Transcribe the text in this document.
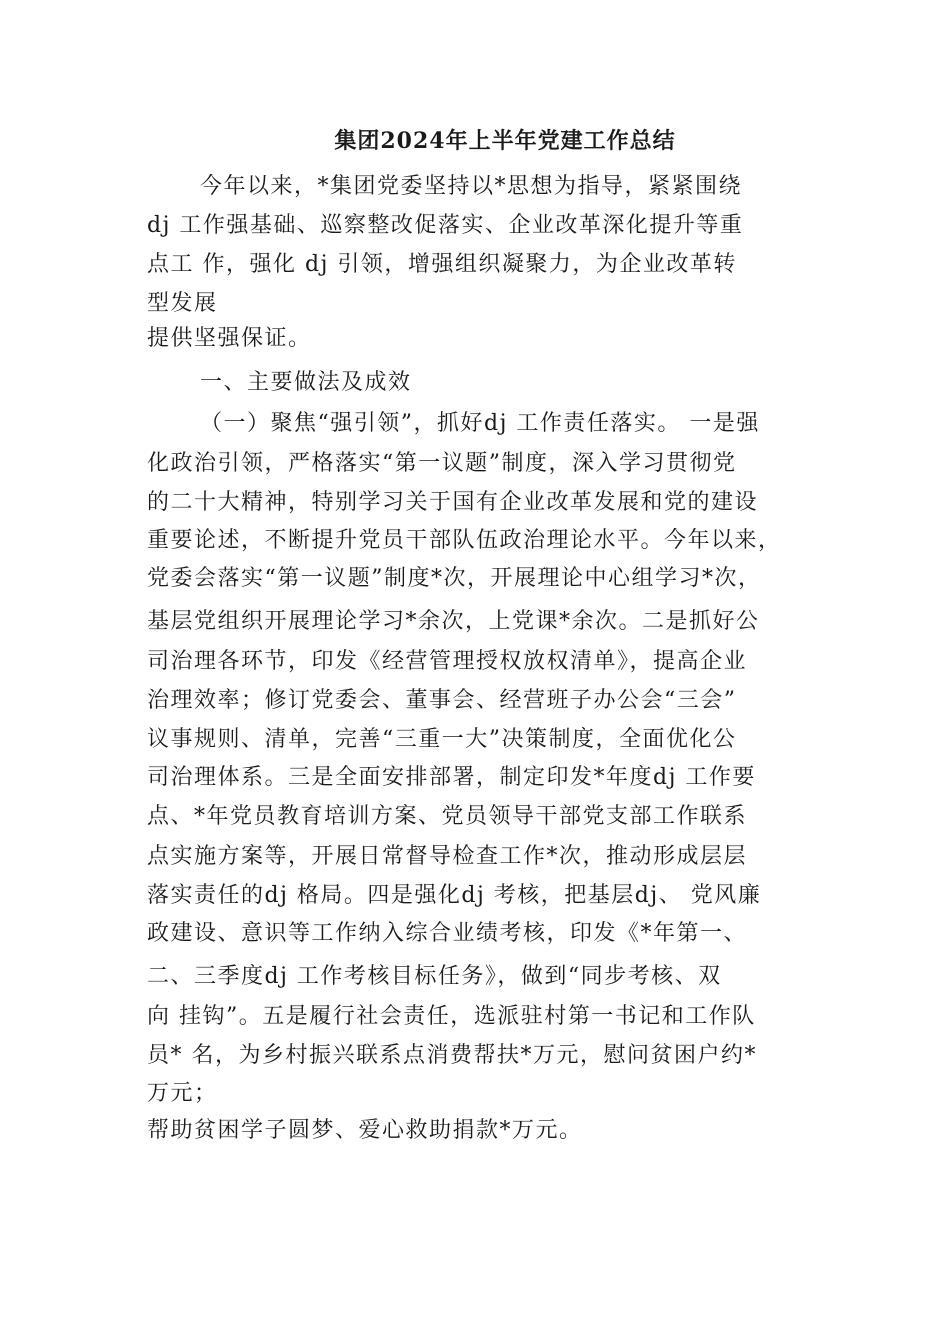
集团2024年上半年党建工作总结
今年以来，*集团党委坚持以*思想为指导，紧紧围绕
dj 工作强基础、巡察整改促落实、企业改革深化提升等重
点工 作，强化 dj 引领，增强组织凝聚力，为企业改革转
型发展
提供坚强保证。
一、主要做法及成效
（一）聚焦“强引领”，抓好dj 工作责任落实。 一是强
化政治引领，严格落实“第一议题”制度，深入学习贯彻党
的二十大精神，特别学习关于国有企业改革发展和党的建设
重要论述，不断提升党员干部队伍政治理论水平。今年以来，
党委会落实“第一议题”制度*次，开展理论中心组学习*次，
基层党组织开展理论学习*余次，上党课*余次。二是抓好公
司治理各环节，印发《经营管理授权放权清单》，提高企业
治理效率；修订党委会、董事会、经营班子办公会“三会”
议事规则、清单，完善“三重一大”决策制度，全面优化公
司治理体系。三是全面安排部署，制定印发*年度dj 工作要
点、*年党员教育培训方案、党员领导干部党支部工作联系
点实施方案等，开展日常督导检查工作*次，推动形成层层
落实责任的dj 格局。四是强化dj 考核，把基层dj、 党风廉
政建设、意识等工作纳入综合业绩考核，印发《*年第一、
二、三季度dj 工作考核目标任务》，做到“同步考核、双
向 挂钩”。五是履行社会责任，选派驻村第一书记和工作队
员* 名，为乡村振兴联系点消费帮扶*万元，慰问贫困户约*
万元；
帮助贫困学子圆梦、爱心救助捐款*万元。
